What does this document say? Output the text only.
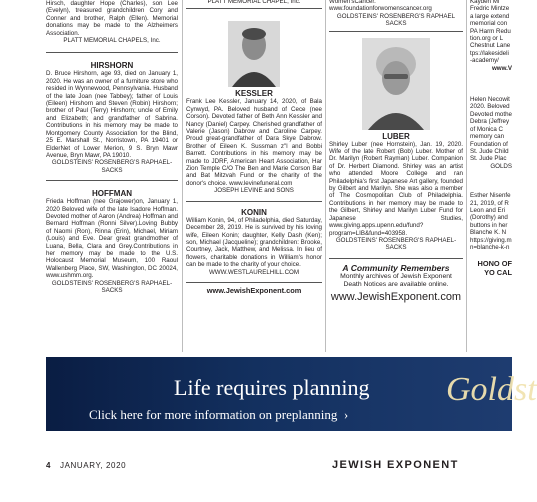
Hirsch, daughter Hope (Charles), son Lee (Evelyn), treasured grandchildren Cory and Conner and brother, Ralph (Ellen). Memorial donations may be made to the Alzheimers Association.

PLATT MEMORIAL CHAPELS, Inc.

HIRSHORN

D. Bruce Hirshorn, age 93, died on January 1, 2020. He was an owner of a furniture store who resided in Wynnewood, Pennsylvania. Husband of the late Joan (nee Tabbey); father of Louis (Eileen) Hirshorn and Steven (Robin) Hirshorn; brother of Paul (Terry) Hirshorn; uncle of Emily and Elizabeth; and grandfather of Sabrina. Contributions in his memory may be made to Montgomery County Association for the Blind, 25 E. Marshall St., Norristown, PA 19401 or ElderNet of Lower Merion, 9 S. Bryn Mawr Avenue, Bryn Mawr, PA 19010.

GOLDSTEINS' ROSENBERG'S RAPHAEL-SACKS

HOFFMAN

Frieda Hoffman (nee Grajower)on, January 1, 2020 Beloved wife of the late Isadore Hoffman. Devoted mother of Aaron (Andrea) Hoffman and Bernard Hoffman (Ronni Silver).Loving Bubby of Naomi (Ron), Rinna (Erin), Michael, Miriam (Louis) and Eve. Dear great grandmother of Luana, Bella, Clara and Grey.Contributions in her memory may be made to the U.S. Holocaust Memorial Museum, 100 Raoul Wallenberg Place, SW, Washington, DC 20024, www.ushmm.org.

GOLDSTEINS' ROSENBERG'S RAPHAEL-SACKS

PLATT MEMORIAL CHAPEL, Inc.

KESSLER

Frank Lee Kessler, January 14, 2020, of Bala Cynwyd, PA. Beloved husband of Cece (nee Corson). Devoted father of Beth Ann Kessler and Nancy (Daniel) Carpey. Cherished grandfather of Valerie (Jason) Dabrow and Caroline Carpey. Proud great-grandfather of Dara Skye Dabrow. Brother of Eileen K. Sussman z"l and Bobbi Barrett. Contributions in his memory may be made to JDRF, American Heart Association, Har Zion Temple C/O The Ben and Marie Corson Bar and Bat Mitzvah Fund or the charity of the donor's choice. www.levinefuneral.com

JOSEPH LEVINE and SONS

KONIN

William Konin, 94, of Philadelphia, died Saturday, December 28, 2019. He is survived by his loving wife, Eileen Konin; daughter, Kelly Dash (Ken); son, Michael (Jacqueline); grandchildren: Brooke, Courtney, Jack, Matthew, and Melissa. In lieu of flowers, charitable donations in William's honor can be made to the charity of your choice.

WWW.WESTLAURELHILL.COM

www.JewishExponent.com

Women'sCancer. www.foundationforwomenscancer.org

GOLDSTEINS' ROSENBERG'S RAPHAEL SACKS

LUBER

Shirley Luber (nee Hornstein), Jan. 19, 2020. Wife of the late Robert (Bob) Luber. Mother of Dr. Marilyn (Robert Rayman) Luber. Companion of Dr. Herbert Diamond. Shirley was an artist who attended Moore College and ran Philadelphia's first Japanese Art gallery, founded by Gilbert and Marilyn. She was also a member of The Cosmopolitan Club of Philadelphia. Contributions in her memory may be made to the Gilbert, Shirley and Marilyn Luber Fund for Japanese Studies, www.giving.apps.upenn.edu/fund?program=LIB&fund=403958.

GOLDSTEINS' ROSENBERG'S RAPHAEL-SACKS

A Community Remembers

Monthly archives of Jewish Exponent

Death Notices are available online.

www.JewishExponent.com

Kayden Mi Fredric Mintze a large extend memorial con PA Harm Redu tion.org or L Chestnut Lane tps://lakesideli -academy/

www.V

Helen Necowit 2020. Beloved Devoted mothe Debra (Jeffrey of Monica C memory can Foundation of St. Jude Child St. Jude Plac

GOLDS

Esther Nisenfe 21, 2019, of R Leon and Eri (Dorothy) and buttons in her Blanche K. N https://giving.m n=blanche-k-n

HONO OF YO CAL

Life requires planning
Click here for more information on preplanning  ›
Goldst
4 JANUARY, 2020	JEWISH EXPONENT
